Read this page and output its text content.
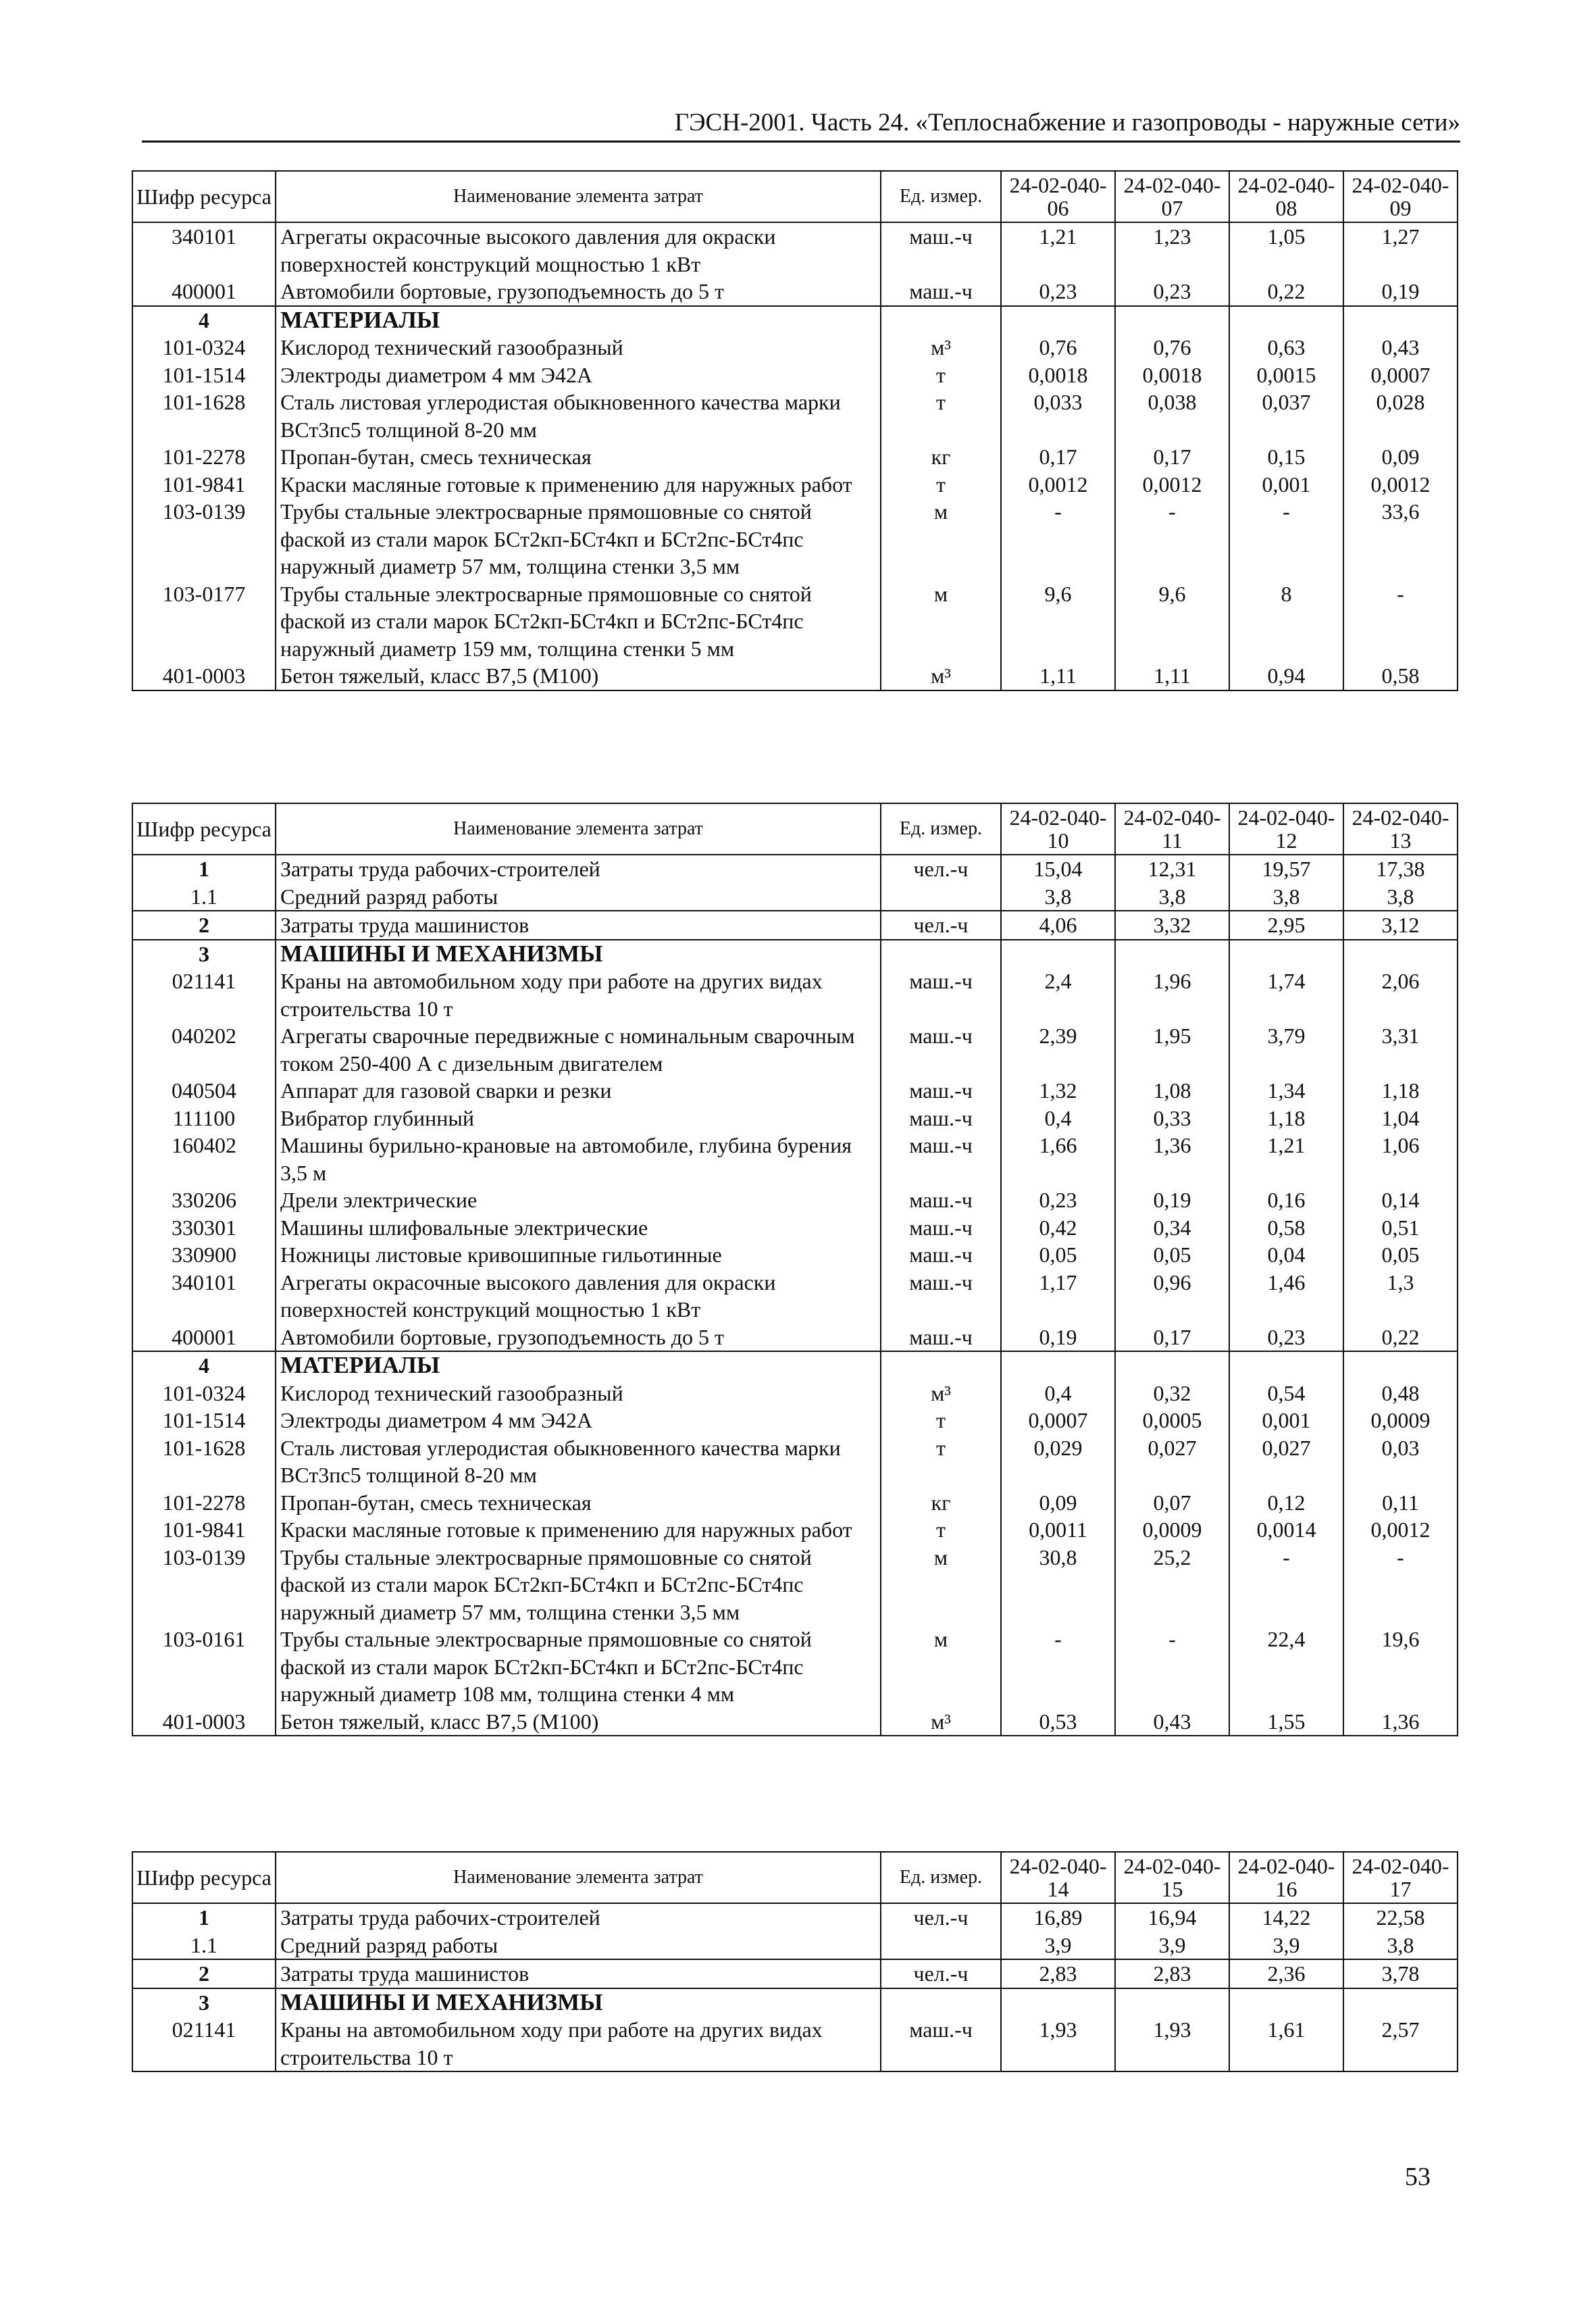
ГЭСН-2001. Часть 24. «Теплоснабжение и газопроводы - наружные сети»
Шифр ресурса	Наименование элемента затрат	Ед. измер.	24-02-040-06	24-02-040-07	24-02-040-08	24-02-040-09
340101	Агрегаты окрасочные высокого давления для окраски поверхностей конструкций мощностью 1 кВт	маш.-ч	1,21	1,23	1,05	1,27
400001	Автомобили бортовые, грузоподъемность до 5 т	маш.-ч	0,23	0,23	0,22	0,19
4	МАТЕРИАЛЫ					
101-0324	Кислород технический газообразный	м³	0,76	0,76	0,63	0,43
101-1514	Электроды диаметром 4 мм Э42А	т	0,0018	0,0018	0,0015	0,0007
101-1628	Сталь листовая углеродистая обыкновенного качества марки ВСт3пс5 толщиной 8-20 мм	т	0,033	0,038	0,037	0,028
101-2278	Пропан-бутан, смесь техническая	кг	0,17	0,17	0,15	0,09
101-9841	Краски масляные готовые к применению для наружных работ	т	0,0012	0,0012	0,001	0,0012
103-0139	Трубы стальные электросварные прямошовные со снятой фаской из стали марок БСт2кп-БСт4кп и БСт2пс-БСт4пс наружный диаметр 57 мм, толщина стенки 3,5 мм	м	-	-	-	33,6
103-0177	Трубы стальные электросварные прямошовные со снятой фаской из стали марок БСт2кп-БСт4кп и БСт2пс-БСт4пс наружный диаметр 159 мм, толщина стенки 5 мм	м	9,6	9,6	8	-
401-0003	Бетон тяжелый, класс В7,5 (М100)	м³	1,11	1,11	0,94	0,58
Шифр ресурса	Наименование элемента затрат	Ед. измер.	24-02-040-10	24-02-040-11	24-02-040-12	24-02-040-13
1	Затраты труда рабочих-строителей	чел.-ч	15,04	12,31	19,57	17,38
1.1	Средний разряд работы		3,8	3,8	3,8	3,8
2	Затраты труда машинистов	чел.-ч	4,06	3,32	2,95	3,12
3	МАШИНЫ И МЕХАНИЗМЫ					
021141	Краны на автомобильном ходу при работе на других видах строительства 10 т	маш.-ч	2,4	1,96	1,74	2,06
040202	Агрегаты сварочные передвижные с номинальным сварочным током 250-400 А с дизельным двигателем	маш.-ч	2,39	1,95	3,79	3,31
040504	Аппарат для газовой сварки и резки	маш.-ч	1,32	1,08	1,34	1,18
111100	Вибратор глубинный	маш.-ч	0,4	0,33	1,18	1,04
160402	Машины бурильно-крановые на автомобиле, глубина бурения 3,5 м	маш.-ч	1,66	1,36	1,21	1,06
330206	Дрели электрические	маш.-ч	0,23	0,19	0,16	0,14
330301	Машины шлифовальные электрические	маш.-ч	0,42	0,34	0,58	0,51
330900	Ножницы листовые кривошипные гильотинные	маш.-ч	0,05	0,05	0,04	0,05
340101	Агрегаты окрасочные высокого давления для окраски поверхностей конструкций мощностью 1 кВт	маш.-ч	1,17	0,96	1,46	1,3
400001	Автомобили бортовые, грузоподъемность до 5 т	маш.-ч	0,19	0,17	0,23	0,22
4	МАТЕРИАЛЫ					
101-0324	Кислород технический газообразный	м³	0,4	0,32	0,54	0,48
101-1514	Электроды диаметром 4 мм Э42А	т	0,0007	0,0005	0,001	0,0009
101-1628	Сталь листовая углеродистая обыкновенного качества марки ВСт3пс5 толщиной 8-20 мм	т	0,029	0,027	0,027	0,03
101-2278	Пропан-бутан, смесь техническая	кг	0,09	0,07	0,12	0,11
101-9841	Краски масляные готовые к применению для наружных работ	т	0,0011	0,0009	0,0014	0,0012
103-0139	Трубы стальные электросварные прямошовные со снятой фаской из стали марок БСт2кп-БСт4кп и БСт2пс-БСт4пс наружный диаметр 57 мм, толщина стенки 3,5 мм	м	30,8	25,2	-	-
103-0161	Трубы стальные электросварные прямошовные со снятой фаской из стали марок БСт2кп-БСт4кп и БСт2пс-БСт4пс наружный диаметр 108 мм, толщина стенки 4 мм	м	-	-	22,4	19,6
401-0003	Бетон тяжелый, класс В7,5 (М100)	м³	0,53	0,43	1,55	1,36
Шифр ресурса	Наименование элемента затрат	Ед. измер.	24-02-040-14	24-02-040-15	24-02-040-16	24-02-040-17
1	Затраты труда рабочих-строителей	чел.-ч	16,89	16,94	14,22	22,58
1.1	Средний разряд работы		3,9	3,9	3,9	3,8
2	Затраты труда машинистов	чел.-ч	2,83	2,83	2,36	3,78
3	МАШИНЫ И МЕХАНИЗМЫ					
021141	Краны на автомобильном ходу при работе на других видах строительства 10 т	маш.-ч	1,93	1,93	1,61	2,57
53
